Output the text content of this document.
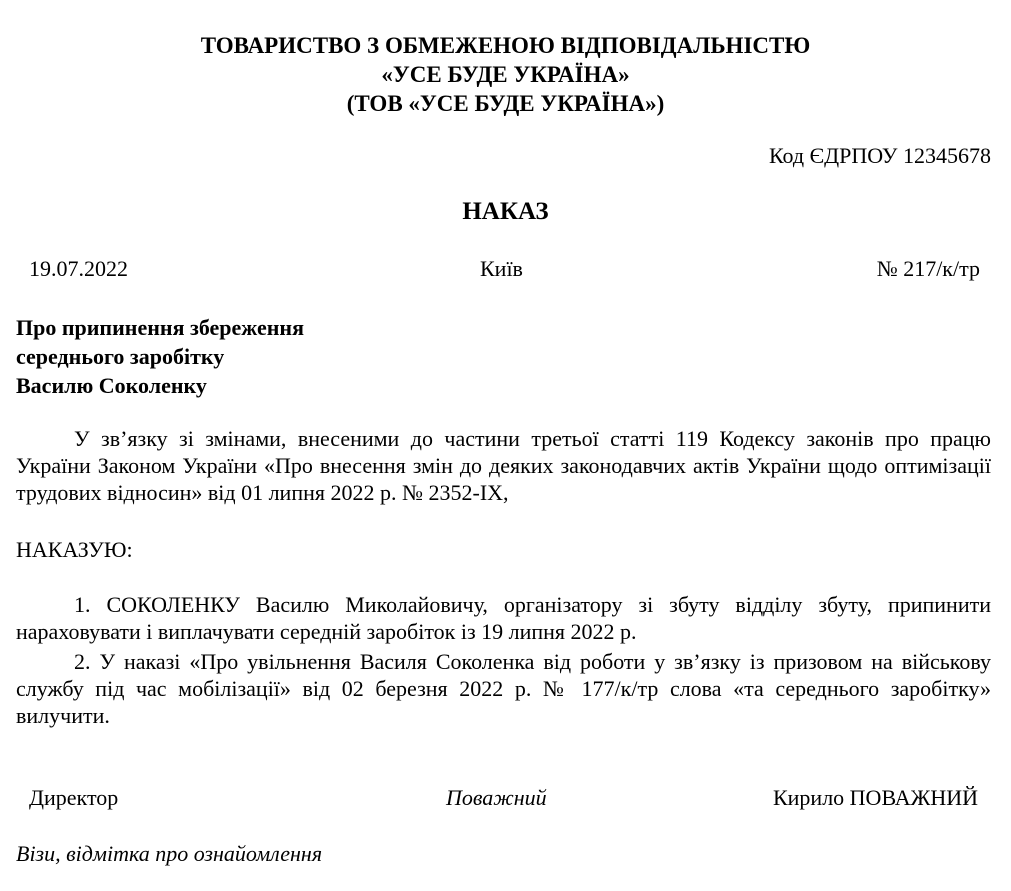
ТОВАРИСТВО З ОБМЕЖЕНОЮ ВІДПОВІДАЛЬНІСТЮ
«УСЕ БУДЕ УКРАЇНА»
(ТОВ «УСЕ БУДЕ УКРАЇНА»)
Код ЄДРПОУ 12345678
НАКАЗ
19.07.2022	Київ	№ 217/к/тр
Про припинення збереження
середнього заробітку
Василю Соколенку
У зв’язку зі змінами, внесеними до частини третьої статті 119 Кодексу законів про працю України Законом України «Про внесення змін до деяких законодавчих актів України щодо оптимізації трудових відносин» від 01 липня 2022 р. № 2352-IX,
НАКАЗУЮ:
1. СОКОЛЕНКУ Василю Миколайовичу, організатору зі збуту відділу збуту, припинити нараховувати і виплачувати середній заробіток із 19 липня 2022 р.
2. У наказі «Про увільнення Василя Соколенка від роботи у зв’язку із призовом на військову службу під час мобілізації» від 02 березня 2022 р. № 177/к/тр слова «та середнього заробітку» вилучити.
Директор	Поважний	Кирило ПОВАЖНИЙ
Візи, відмітка про ознайомлення
